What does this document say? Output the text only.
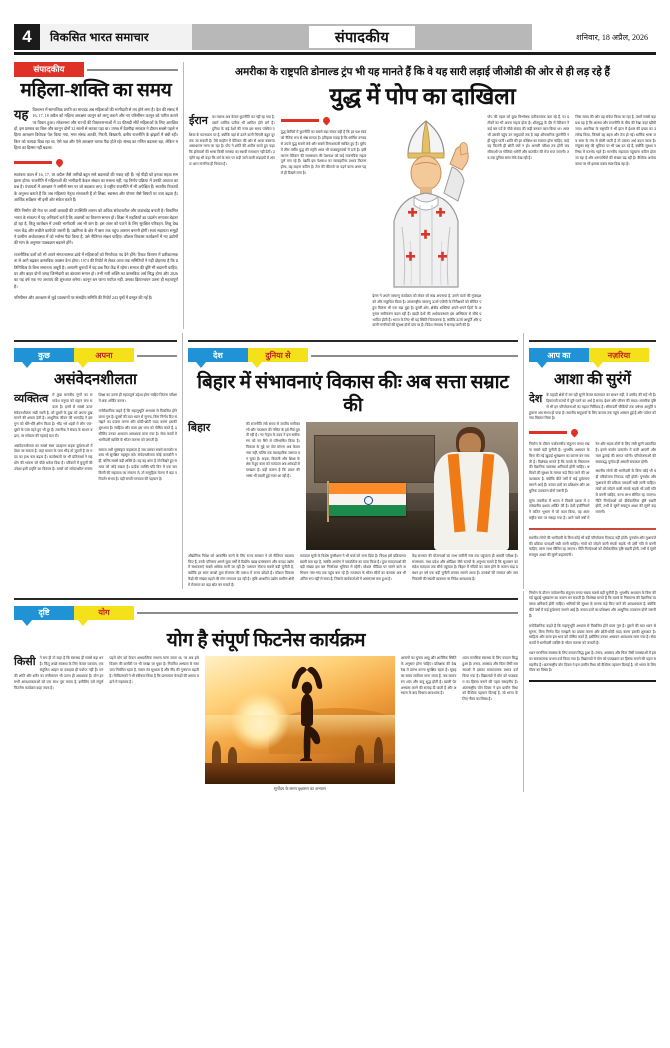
4	विकसित भारत समाचार	संपादकीय	शनिवार, 18 अप्रैल, 2026
संपादकीय
महिला-शक्ति का समय
यह विश्वभर में सामाजिक प्रगति का मापदंड अब महिलाओं की भागीदारी से तय होने लगा है। देश की संसद में 16, 17, 18 अप्रैल को महिला आरक्षण कानून को लागू कराने और नए परिसीमन कानून को पारित कराने पर विचार हुआ। लोकसभा और राज्यों की विधानसभाओं में 33 फीसदी सीटें महिलाओं के लिए आरक्षित हों, इस प्रस्ताव का बिल और कानून दोनों 32 सालों से लटका पड़ा था। 1996 में देवगौड़ा सरकार ने दौरान सबसे पहले महिला आरक्षण विधेयक पेश किया गया, मगर संसद अटकी, गिरती, बिखरती, दलीय राजनीति के झंझटों में बंधी रही। किन को फायदा दिख रहा था, ऐसे पक्ष और ऐसे आरक्षण धारक पैदा होते रहे। संसद का गणित बदलता रहा, लेकिन महिला का हिस्सा नहीं बदला।
स्वतंत्रता काल में 16, 17, 18 अप्रैल जैसे तारीखें बहुत सारे बदलावों की गवाह रही हैं। नई पीढ़ी को इनका महत्व समझाना होगा। राजनीति में महिलाओं की भागीदारी केवल संख्या का मसला नहीं, यह निर्णय प्रक्रिया में उनकी आवाज का प्रश्न है। पंचायतों में आरक्षण ने जमीनी स्तर पर जो बदलाव लाए, वे राष्ट्रीय राजनीति में भी अपेक्षित हैं। स्थानीय निकायों के अनुभव बताते हैं कि जब महिलाएं नेतृत्व संभालती हैं तो शिक्षा, स्वास्थ्य और पोषण जैसे विषयों पर व्यय बढ़ता है। आर्थिक सर्वेक्षण भी इसी ओर संकेत करते हैं।
नीति निर्माण की मेज पर आधी आबादी की उपस्थिति शासन को अधिक संवेदनशील और जवाबदेह बनाती है। विकसित भारत के संकल्प में यह अनिवार्य शर्त है कि अवसरों का वितरण समान हो। शिक्षा में लड़कियों का प्रदर्शन लगातार बेहतर हो रहा है, किंतु कार्यबल में उनकी भागीदारी अब भी कम है। इस अंतर को पाटने के लिए सुरक्षित परिवहन, शिशु देखभाल केंद्र और लचीले कार्यघंटे जरूरी हैं। उद्यमिता के क्षेत्र में ऋण तक पहुंच आसान बनानी होगी। स्वयं सहायता समूहों ने ग्रामीण अर्थव्यवस्था में जो भरोसा पैदा किया है, उसे नीतिगत संबल चाहिए। कौशल विकास कार्यक्रमों में नए उद्योगों की मांग के अनुसार पाठ्यक्रम बदलने होंगे।
राजनीतिक दलों को भी अपने संगठनात्मक ढांचे में महिलाओं को निर्णायक पद देने होंगे। टिकट वितरण में प्रतीकात्मकता से आगे बढ़कर वास्तविक अवसर देना होगा। 1974 की रिपोर्ट से लेकर आज तक समितियों ने यही दोहराया है कि प्रतिनिधित्व के बिना समानता अधूरी है। आगामी चुनावों में यह प्रश्न फिर केंद्र में रहेगा। समाज की दृष्टि भी बदलनी चाहिए; घर और बाहर दोनों जगह जिम्मेदारी का बंटवारा समान हो। तभी नारी शक्ति का वास्तविक अर्थ सिद्ध होगा और 2026 का यह वर्ष एक नए अध्याय की शुरुआत बनेगा। कानून बन जाना पर्याप्त नहीं, उसका क्रियान्वयन उतना ही महत्वपूर्ण है।
परिसीमन और आरक्षण से जुड़े प्रावधानों पर संसदीय समिति की रिपोर्ट 243 पृष्ठों में प्रस्तुत की गई है।
अमरीका के राष्ट्रपति डोनाल्ड ट्रंप भी यह मानते हैं कि वे यह सारी लड़ाई जीओडी की ओर से ही लड़ रहे हैं
युद्ध में पोप का दाखिला
ईरान का मसला अब केवल कूटनीति का नहीं रह गया है, उसमें धार्मिक प्रतीक भी शामिल होने लगे हैं। दुनिया के कई देशों की नजर इस समय पश्चिम एशिया के घटनाक्रम पर है, क्योंकि वहां से उठने वाली चिंगारी बहुत दूर तक जा सकती है। ऐसे माहौल में वेटिकन की ओर से आया वक्तव्य असाधारण माना जा रहा है। पोप ने शांति की अपील करते हुए कहा कि हथियारों की भाषा किसी समस्या का स्थायी समाधान नहीं देती। उन्होंने यह भी कहा कि धर्म के नाम पर लड़ी जाने वाली लड़ाइयों में अंततः आम नागरिक ही पिसता है।
युद्ध शिविरों में कूटनीति का सबसे बड़ा संकट यही है कि हर पक्ष स्वयं को नैतिक रूप से श्रेष्ठ मानता है। इतिहास गवाह है कि धार्मिक उन्माद से उपजे युद्ध सबसे लंबे और सबसे विनाशकारी साबित हुए हैं। यूरोप में तीस वर्षीय युद्ध की स्मृति आज भी पाठ्यपुस्तकों में दर्ज है। इसी कारण वेटिकन की मध्यस्थता की पेशकश को कई राजनयिक महत्वपूर्ण मान रहे हैं। यद्यपि इस पेशकश का व्यावहारिक प्रभाव कितना होगा, यह कहना कठिन है। तेल की कीमतों पर पड़ने वाला असर पहले ही दिखने लगा है।
ईरान ने अपने परमाणु कार्यक्रम को लेकर जो रुख अपनाया है, उसने वार्ता की गुंजाइश को और संकुचित किया है। अंतरराष्ट्रीय परमाणु ऊर्जा एजेंसी के निरीक्षकों को सीमित पहुंच मिलना भी एक बड़ा मुद्दा है। दूसरी ओर, क्षेत्रीय शक्तियां अपने-अपने हितों के अनुसार समीकरण बदल रही हैं। खाड़ी देशों की अर्थव्यवस्थाएं इस अस्थिरता से सीधे प्रभावित होती हैं। भारत के लिए भी यह स्थिति चिंताजनक है, क्योंकि ऊर्जा आपूर्ति और प्रवासी नागरिकों की सुरक्षा दोनों दांव पर हैं। विदेश मंत्रालय ने सलाह जारी की है।
पोप की पहल को कुछ विश्लेषक प्रतीकात्मक बता रहे हैं, पर प्रतीकों का भी अपना महत्व होता है। शीतयुद्ध के दौर में वेटिकन ने कई बार पर्दे के पीछे संवाद की कड़ी बनकर काम किया था। आज भी उसकी पहुंच उन समुदायों तक है जहां औपचारिक कूटनीति नहीं पहुंच पाती। शांति की हर कोशिश का स्वागत होना चाहिए, चाहे वह कितनी ही छोटी क्यों न हो। असली परीक्षा तब होगी जब सीमाओं पर गोलियां थमेंगी और बातचीत की मेज सज जाएगी। तब तक दुनिया सांस रोके देख रही है।
जिस समय की ओर यह संकेत किया जा रहा है, उसमें सबसे बड़ा प्रश्न यह है कि आस्था और राजनीति के बीच की रेखा कहां खींची जाए। अमरीका के राष्ट्रपति ने भी हाल में ईश्वर की इच्छा का उल्लेख किया, जिससे यह बहस और तेज हो गई। धार्मिक भाषा जब सत्ता के मंच से बोली जाती है तो उसका अर्थ बदल जाता है। संयुक्त राष्ट्र की भूमिका पर भी प्रश्न उठ रहे हैं, क्योंकि सुरक्षा परिषद में मतभेद गहरे हैं। मानवीय सहायता पहुंचाना कठिन होता जा रहा है और शरणार्थियों की संख्या बढ़ रही है। वैश्विक अर्थव्यवस्था पर भी इसका दबाव स्पष्ट दिख रहा है।
कुछ	अपना
असंवेदनशीलता

व्यक्तित्व में कुछ मानवीय गुणों का समावेश मनुष्य को महान बना सकता है। इनमें से सबसे ऊपर संवेदनशीलता रखी जाती है, जो दूसरों के दुख को अपना दुख मानने की क्षमता देती है। आधुनिक जीवन की भागदौड़ ने इस गुण को धीरे-धीरे क्षीण किया है। भीड़ भरे शहरों में लोग एक-दूसरे के पास रहते हुए भी दूर हैं। तकनीक ने संवाद के साधन बढ़ाए, पर संवेदना की गहराई घटा दी।

असंवेदनशीलता का सबसे स्पष्ट उदाहरण सड़क दुर्घटनाओं में देखा जा सकता है, जहां घायल के पास भीड़ तो जुटती है पर मदद का हाथ कम बढ़ता है। कार्यस्थलों पर भी प्रतिस्पर्धा ने सहयोग की भावना को पीछे धकेल दिया है। परिवारों में बुजुर्गों की उपेक्षा इसी प्रवृत्ति का विस्तार है। बच्चों को संवेदनशील बनाना शिक्षा का उतना ही महत्वपूर्ण उद्देश्य होना चाहिए जितना परीक्षा में अंक अर्जित करना।

मनोवैज्ञानिक कहते हैं कि सहानुभूति अभ्यास से विकसित होने वाला गुण है। दूसरों की बात ध्यान से सुनना, बिना निर्णय दिए समझने का प्रयास करना और छोटी-छोटी मदद करना इसकी शुरुआत है। साहित्य और कला इस भाव को पोषित करते हैं, इसीलिए उनका अध्ययन आवश्यक माना गया है। सेवा कार्यों में भागीदारी व्यक्ति के भीतर करुणा को जगाती है।

समाज तभी सुसंस्कृत कहलाता है जब उसका सबसे कमजोर सदस्य भी सुरक्षित महसूस करे। संवेदनशीलता कोई कमजोरी नहीं, बल्कि सबसे बड़ी शक्ति है। यह वह धागा है जो बिखरे हुए समाज को जोड़े रखता है। प्रत्येक व्यक्ति यदि दिन में एक बार किसी की सहायता का संकल्प ले, तो सामूहिक चेतना में बड़ा परिवर्तन संभव है। यही सच्ची मानवता की पहचान है।

देश	दुनिया से
बिहार में संभावनाएं विकास कीः अब सत्ता सम्राट की
बिहार	की राजनीति लंबे समय से जातीय समीकरणों और गठबंधन की गणित के इर्द-गिर्द घूमती रही है। नए नेतृत्व के उदय ने इस समीकरण को नए सिरे से परिभाषित किया है। विकास के मुद्दे पर वोट मांगना अब केवल नारा नहीं, बल्कि एक व्यावहारिक जरूरत बन चुका है। सड़क, बिजली और शिक्षा के क्षेत्र में हुए काम को मतदाता अब आंकड़ों से परखता है। यही कारण है कि प्रचार की भाषा भी बदली हुई नजर आ रही है।

औद्योगिक निवेश को आकर्षित करने के लिए राज्य सरकार ने जो नीतिगत बदलाव किए हैं, उनके परिणाम अगले कुछ वर्षों में दिखेंगे। खाद्य प्रसंस्करण और कपड़ा उद्योग में संभावनाएं सबसे अधिक मानी जा रही हैं। पलायन रोकना सबसे बड़ी चुनौती है, क्योंकि हर साल लाखों युवा रोजगार की तलाश में राज्य छोड़ते हैं। कौशल विकास केंद्रों की संख्या बढ़ाने की मांग लगातार उठ रही है। कृषि आधारित उद्योग ग्रामीण क्षेत्रों में रोजगार का बड़ा स्रोत बन सकते हैं।

मतदाता सूची के विशेष पुनरीक्षण ने भी चर्चा को जन्म दिया है। विपक्ष इसे प्रक्रियागत खामी बता रहा है, जबकि आयोग ने पारदर्शिता का दावा किया है। युवा मतदाताओं की बड़ी संख्या इस बार निर्णायक भूमिका में रहेगी। सोशल मीडिया पर चलने वाले अभियान गांव-गांव तक पहुंच बना रहे हैं। गठबंधन के भीतर सीटों का बंटवारा अब भी अंतिम रूप नहीं ले सका है, जिससे कार्यकर्ताओं में असमंजस बना हुआ है।

केंद्र सरकार की योजनाओं का लाभ जमीनी स्तर तक पहुंचाना ही असली परीक्षा है। राजस्थान, मध्य प्रदेश और ओडिशा जैसे राज्यों के अनुभव बताते हैं कि सुशासन का संदेश मतदाता तक सीधे पहुंचता है। बिहार में नदियों का जाल होने के कारण बाढ़ प्रबंधन हर वर्ष एक बड़ी चुनौती बनकर सामने आता है। तटबंधों की मरम्मत और जल निकासी की स्थायी व्यवस्था पर निवेश आवश्यक है।

आप का	नज़रिया
आशा की सुरंगें
देश के पहाड़ी क्षेत्रों में बन रही सुरंगें केवल यातायात का साधन नहीं, वे उम्मीद की राहें भी हैं। हिमालयी राज्यों में दूरी घटने का अर्थ है समय, ईंधन और जीवन की बचत। सामरिक दृष्टि से भी इन परियोजनाओं का महत्व निर्विवाद है। सीमावर्ती चौकियों तक वर्षभर आपूर्ति पहुंचाना अब संभव हो पाया है। स्थानीय समुदायों के लिए बाजार तक पहुंच आसान हुई है और पर्यटन को नया विस्तार मिला है।

निर्माण के दौरान पर्यावरणीय संतुलन बनाए रखना सबसे बड़ी चुनौती है। भूगर्भीय अध्ययन के बिना की गई खुदाई भूस्खलन का कारण बन सकती है। विशेषज्ञ मानते हैं कि मलबे के निस्तारण की वैज्ञानिक व्यवस्था अनिवार्य होनी चाहिए। श्रमिकों की सुरक्षा के मानक कड़े किए जाने की आवश्यकता है, क्योंकि बीते वर्षों में कई दुर्घटनाएं सामने आई हैं। बचाव दलों का प्रशिक्षण और आधुनिक उपकरण दोनों जरूरी हैं।

सुरंग तकनीक में भारत ने पिछले दशक में उल्लेखनीय दक्षता अर्जित की है। देशी इंजीनियरों ने कठिन भूभाग में जो काम किया, वह अंतरराष्ट्रीय स्तर पर सराहा गया है। आने वाले वर्षों में रेल और सड़क दोनों के लिए लंबी सुरंगें प्रस्तावित हैं। इनसे कार्बन उत्सर्जन में कमी आएगी और माल ढुलाई की लागत घटेगी। परियोजनाओं की समयबद्ध पूर्णता ही असली सफलता होगी।

स्थानीय लोगों की भागीदारी के बिना कोई भी बड़ी परियोजना टिकाऊ नहीं होती। पुनर्वास और मुआवजे की प्रक्रिया पारदर्शी रखी जानी चाहिए। गांवों को जोड़ने वाली संपर्क सड़कें भी उसी गति से बननी चाहिए, वरना लाभ सीमित रह जाएगा। नीति निर्माताओं को दीर्घकालिक दृष्टि रखनी होगी, तभी ये सुरंगें सचमुच आशा की सुरंगें कहलाएंगी।

स्थानीय लोगों की भागीदारी के बिना कोई भी बड़ी परियोजना टिकाऊ नहीं होती। पुनर्वास और मुआवजे की प्रक्रिया पारदर्शी रखी जानी चाहिए। गांवों को जोड़ने वाली संपर्क सड़कें भी उसी गति से बननी चाहिए, वरना लाभ सीमित रह जाएगा। नीति निर्माताओं को दीर्घकालिक दृष्टि रखनी होगी, तभी ये सुरंगें सचमुच आशा की सुरंगें कहलाएंगी।
दृष्टि	योग
योग है संपूर्ण फिटनेस कार्यक्रम
किसी ने सच ही तो कहा है कि स्वास्थ्य ही सबसे बड़ा धन है। किंतु अच्छे स्वास्थ्य के लिए केवल व्यायाम, एक संतुलित आहार या दवाइयां ही पर्याप्त नहीं हैं। मन की शांति और शरीर का लचीलापन भी उतना ही आवश्यक है। योग इन सभी आवश्यकताओं को एक साथ पूरा करता है, इसीलिए उसे संपूर्ण फिटनेस कार्यक्रम कहा जाता है।
पहले योग को केवल आध्यात्मिक साधना माना जाता था, पर अब इसे विज्ञान की कसौटी पर भी परखा जा चुका है। नियमित अभ्यास से रक्तचाप नियंत्रित रहता है, पाचन तंत्र सुधरता है और नींद की गुणवत्ता बढ़ती है। चिकित्सकों ने भी स्वीकार किया है कि प्राणायाम फेफड़ों की क्षमता बढ़ाने में सहायक है।
सूर्योदय के समय वृक्षासन का अभ्यास

आसनों का चुनाव आयु और शारीरिक स्थिति के अनुसार होना चाहिए। प्रशिक्षक की देखरेख में प्रारंभ करना सुरक्षित रहता है। सुबह का समय सर्वोत्तम माना जाता है, जब वातावरण शांत और वायु शुद्ध होती है। खाली पेट अभ्यास करने की सलाह दी जाती है और अभ्यास के बाद विश्राम आवश्यक है।

ध्यान मानसिक स्वास्थ्य के लिए वरदान सिद्ध हुआ है। तनाव, अवसाद और चिंता जैसी समस्याओं में इसका सकारात्मक प्रभाव दर्ज किया गया है। विद्यालयों में योग को पाठ्यक्रम का हिस्सा बनाने की पहल सराहनीय है। अंतरराष्ट्रीय योग दिवस ने इस प्राचीन विधा को वैश्विक पहचान दिलाई है, जो भारत के लिए गौरव का विषय है।

निर्माण के दौरान पर्यावरणीय संतुलन बनाए रखना सबसे बड़ी चुनौती है। भूगर्भीय अध्ययन के बिना की गई खुदाई भूस्खलन का कारण बन सकती है। विशेषज्ञ मानते हैं कि मलबे के निस्तारण की वैज्ञानिक व्यवस्था अनिवार्य होनी चाहिए। श्रमिकों की सुरक्षा के मानक कड़े किए जाने की आवश्यकता है, क्योंकि बीते वर्षों में कई दुर्घटनाएं सामने आई हैं। बचाव दलों का प्रशिक्षण और आधुनिक उपकरण दोनों जरूरी हैं।

मनोवैज्ञानिक कहते हैं कि सहानुभूति अभ्यास से विकसित होने वाला गुण है। दूसरों की बात ध्यान से सुनना, बिना निर्णय दिए समझने का प्रयास करना और छोटी-छोटी मदद करना इसकी शुरुआत है। साहित्य और कला इस भाव को पोषित करते हैं, इसीलिए उनका अध्ययन आवश्यक माना गया है। सेवा कार्यों में भागीदारी व्यक्ति के भीतर करुणा को जगाती है।

ध्यान मानसिक स्वास्थ्य के लिए वरदान सिद्ध हुआ है। तनाव, अवसाद और चिंता जैसी समस्याओं में इसका सकारात्मक प्रभाव दर्ज किया गया है। विद्यालयों में योग को पाठ्यक्रम का हिस्सा बनाने की पहल सराहनीय है। अंतरराष्ट्रीय योग दिवस ने इस प्राचीन विधा को वैश्विक पहचान दिलाई है, जो भारत के लिए गौरव का विषय है।
